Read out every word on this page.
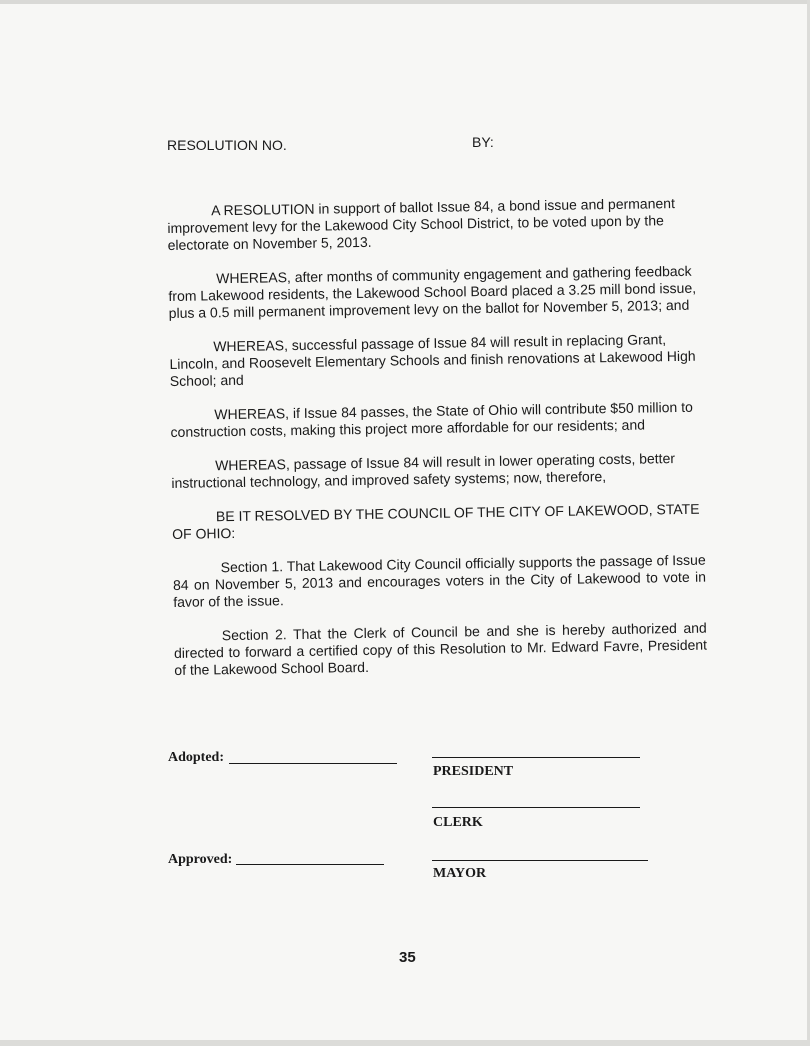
RESOLUTION NO.	BY:

A RESOLUTION in support of ballot Issue 84, a bond issue and permanent improvement levy for the Lakewood City School District, to be voted upon by the electorate on November 5, 2013.

WHEREAS, after months of community engagement and gathering feedback from Lakewood residents, the Lakewood School Board placed a 3.25 mill bond issue, plus a 0.5 mill permanent improvement levy on the ballot for November 5, 2013; and

WHEREAS, successful passage of Issue 84 will result in replacing Grant, Lincoln, and Roosevelt Elementary Schools and finish renovations at Lakewood High School; and

WHEREAS, if Issue 84 passes, the State of Ohio will contribute $50 million to construction costs, making this project more affordable for our residents; and

WHEREAS, passage of Issue 84 will result in lower operating costs, better instructional technology, and improved safety systems; now, therefore,

BE IT RESOLVED BY THE COUNCIL OF THE CITY OF LAKEWOOD, STATE OF OHIO:

Section 1. That Lakewood City Council officially supports the passage of Issue 84 on November 5, 2013 and encourages voters in the City of Lakewood to vote in favor of the issue.

Section 2. That the Clerk of Council be and she is hereby authorized and directed to forward a certified copy of this Resolution to Mr. Edward Favre, President of the Lakewood School Board.

Adopted:
PRESIDENT
CLERK
Approved:
MAYOR
35
